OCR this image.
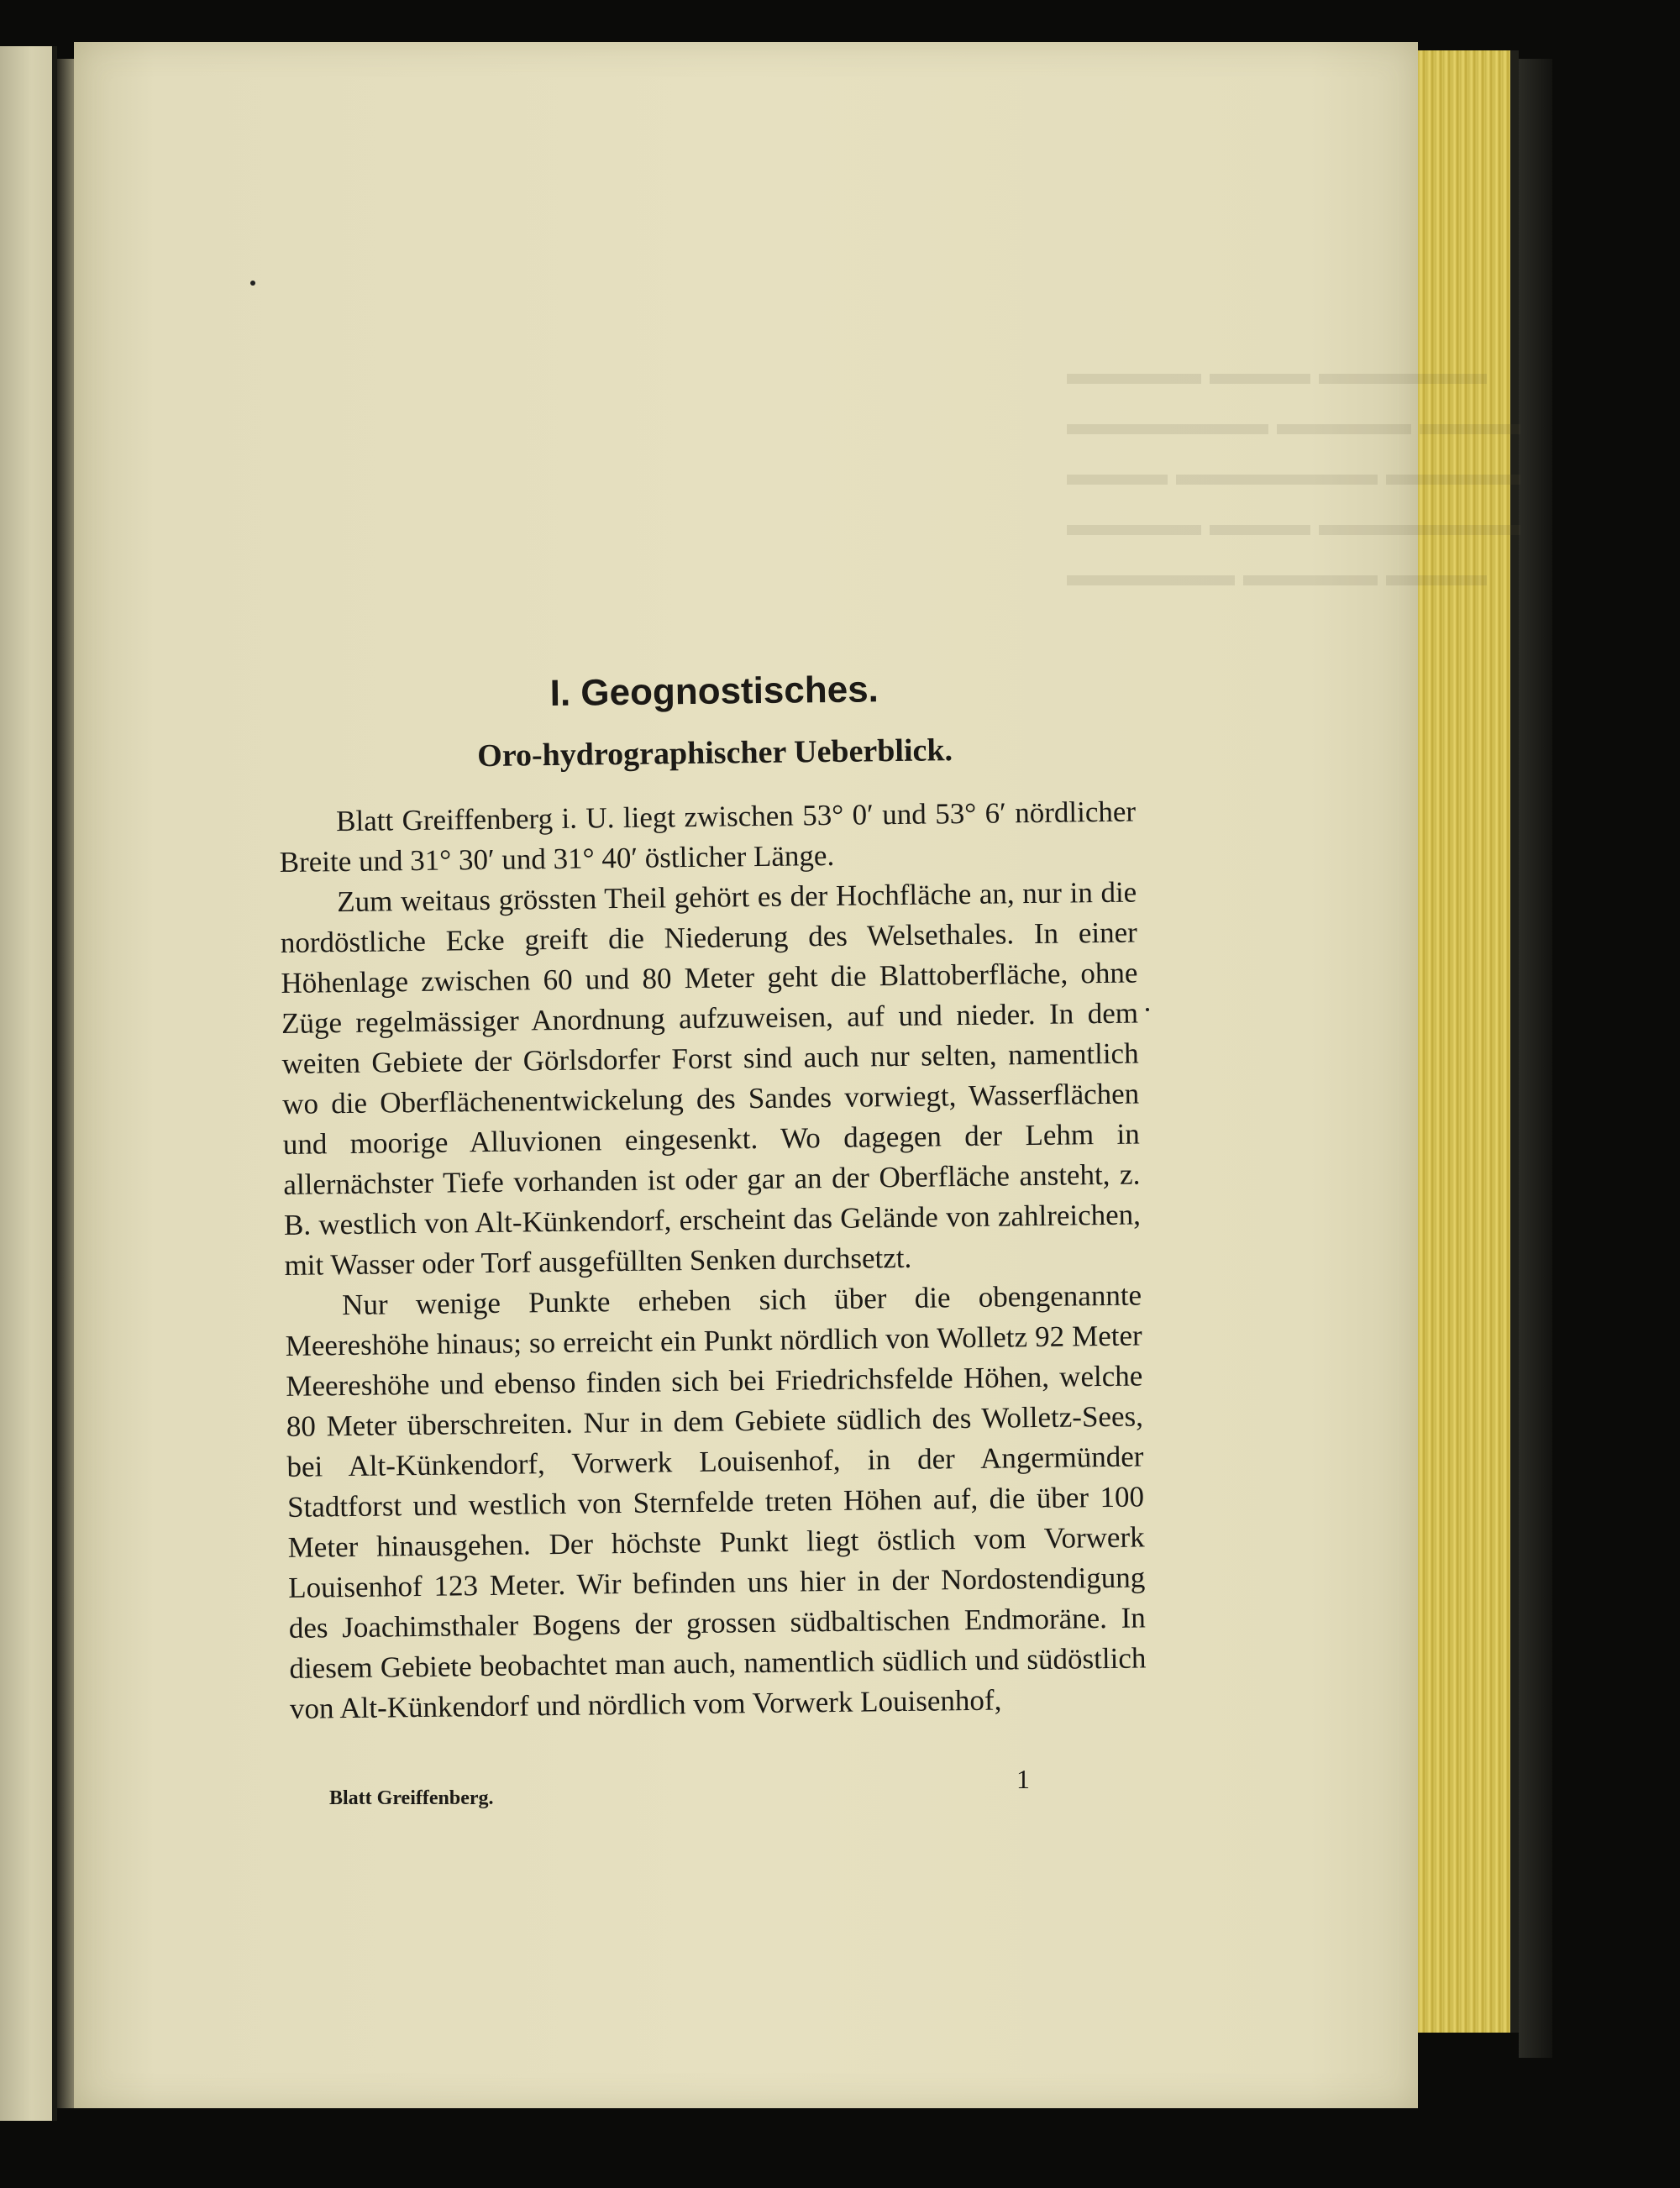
▬▬▬▬ ▬▬▬ ▬▬▬▬▬
▬▬▬▬▬▬ ▬▬▬▬ ▬▬▬
▬▬▬ ▬▬▬▬▬▬ ▬▬▬▬
▬▬▬▬ ▬▬▬ ▬▬▬▬▬▬
▬▬▬▬▬ ▬▬▬▬ ▬▬▬
I. Geognostisches.
Oro-hydrographischer Ueberblick.

Blatt Greiffenberg i. U. liegt zwischen 53° 0′ und 53° 6′ nördlicher Breite und 31° 30′ und 31° 40′ östlicher Länge.

Zum weitaus grössten Theil gehört es der Hochfläche an, nur in die nordöstliche Ecke greift die Niederung des Welsethales. In einer Höhenlage zwischen 60 und 80 Meter geht die Blattoberfläche, ohne Züge regelmässiger Anordnung aufzuweisen, auf und nieder. In dem weiten Gebiete der Görlsdorfer Forst sind auch nur selten, namentlich wo die Oberflächenentwickelung des Sandes vorwiegt, Wasserflächen und moorige Alluvionen eingesenkt. Wo dagegen der Lehm in allernächster Tiefe vorhanden ist oder gar an der Oberfläche ansteht, z. B. westlich von Alt-Künkendorf, erscheint das Gelände von zahlreichen, mit Wasser oder Torf ausgefüllten Senken durchsetzt.

Nur wenige Punkte erheben sich über die obengenannte Meereshöhe hinaus; so erreicht ein Punkt nördlich von Wolletz 92 Meter Meereshöhe und ebenso finden sich bei Friedrichsfelde Höhen, welche 80 Meter überschreiten. Nur in dem Gebiete südlich des Wolletz-Sees, bei Alt-Künkendorf, Vorwerk Louisenhof, in der Angermünder Stadtforst und westlich von Sternfelde treten Höhen auf, die über 100 Meter hinausgehen. Der höchste Punkt liegt östlich vom Vorwerk Louisenhof 123 Meter. Wir befinden uns hier in der Nordostendigung des Joachimsthaler Bogens der grossen südbaltischen Endmoräne. In diesem Gebiete beobachtet man auch, namentlich südlich und südöstlich von Alt-Künkendorf und nördlich vom Vorwerk Louisenhof,

1
Blatt Greiffenberg.
